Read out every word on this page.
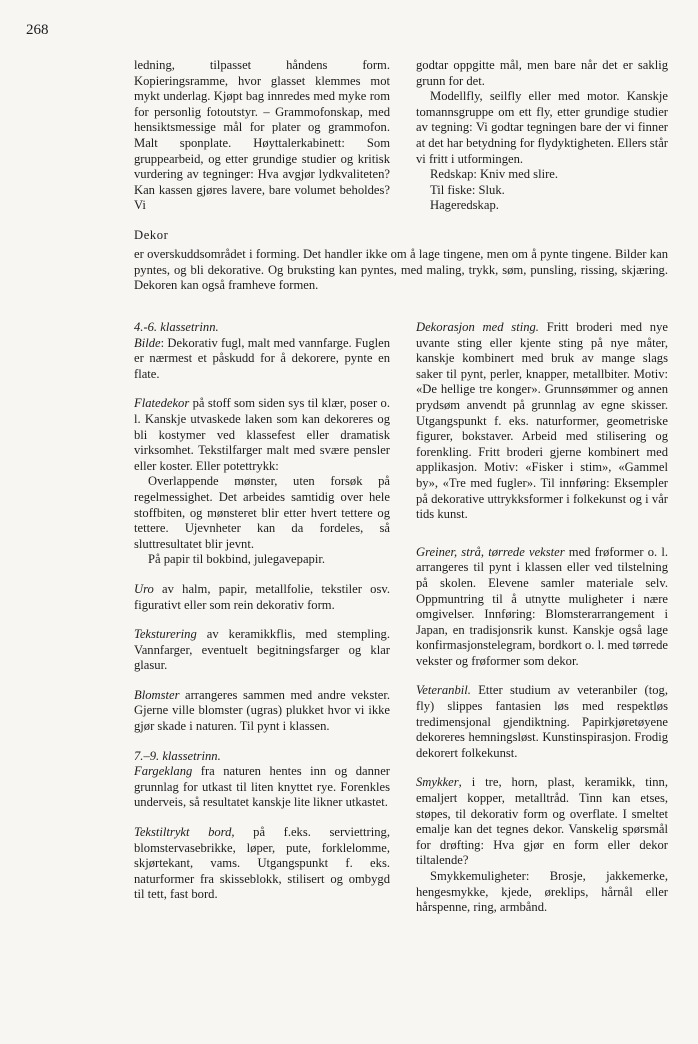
268

ledning, tilpasset håndens form. Kopieringsramme, hvor glasset klemmes mot mykt underlag. Kjøpt bag innredes med myke rom for personlig fotoutstyr. – Grammofonskap, med hensiktsmessige mål for plater og grammofon. Malt sponplate. Høyttalerkabinett: Som gruppearbeid, og etter grundige studier og kritisk vurdering av tegninger: Hva avgjør lydkvaliteten? Kan kassen gjøres lavere, bare volumet beholdes? Vi

godtar oppgitte mål, men bare når det er saklig grunn for det.

Modellfly, seilfly eller med motor. Kanskje tomannsgruppe om ett fly, etter grundige studier av tegning: Vi godtar tegningen bare der vi finner at det har betydning for flydyktigheten. Ellers står vi fritt i utformingen.

Redskap: Kniv med slire.

Til fiske: Sluk.

Hageredskap.

Dekor

er overskuddsområdet i forming. Det handler ikke om å lage tingene, men om å pynte tingene. Bilder kan pyntes, og bli dekorative. Og bruksting kan pyntes, med maling, trykk, søm, punsling, rissing, skjæring. Dekoren kan også framheve formen.

4.-6. klassetrinn.

Bilde: Dekorativ fugl, malt med vannfarge. Fuglen er nærmest et påskudd for å dekorere, pynte en flate.

Flatedekor på stoff som siden sys til klær, poser o. l. Kanskje utvaskede laken som kan dekoreres og bli kostymer ved klassefest eller dramatisk virksomhet. Tekstilfarger malt med svære pensler eller koster. Eller potettrykk:

Overlappende mønster, uten forsøk på regelmessighet. Det arbeides samtidig over hele stoffbiten, og mønsteret blir etter hvert tettere og tettere. Ujevnheter kan da fordeles, så sluttresultatet blir jevnt.

På papir til bokbind, julegavepapir.

Uro av halm, papir, metallfolie, tekstiler osv. figurativt eller som rein dekorativ form.

Teksturering av keramikkflis, med stempling. Vannfarger, eventuelt begitningsfarger og klar glasur.

Blomster arrangeres sammen med andre vekster. Gjerne ville blomster (ugras) plukket hvor vi ikke gjør skade i naturen. Til pynt i klassen.

7.–9. klassetrinn.

Fargeklang fra naturen hentes inn og danner grunnlag for utkast til liten knyttet rye. Forenkles underveis, så resultatet kanskje lite likner utkastet.

Tekstiltrykt bord, på f.eks. serviettring, blomstervasebrikke, løper, pute, forklelomme, skjørtekant, vams. Utgangspunkt f. eks. naturformer fra skisseblokk, stilisert og ombygd til tett, fast bord.

Dekorasjon med sting. Fritt broderi med nye uvante sting eller kjente sting på nye måter, kanskje kombinert med bruk av mange slags saker til pynt, perler, knapper, metallbiter. Motiv: «De hellige tre konger». Grunnsømmer og annen prydsøm anvendt på grunnlag av egne skisser. Utgangspunkt f. eks. naturformer, geometriske figurer, bokstaver. Arbeid med stilisering og forenkling. Fritt broderi gjerne kombinert med applikasjon. Motiv: «Fisker i stim», «Gammel by», «Tre med fugler». Til innføring: Eksempler på dekorative uttrykksformer i folkekunst og i vår tids kunst.

Greiner, strå, tørrede vekster med frøformer o. l. arrangeres til pynt i klassen eller ved tilstelning på skolen. Elevene samler materiale selv. Oppmuntring til å utnytte muligheter i nære omgivelser. Innføring: Blomsterarrangement i Japan, en tradisjonsrik kunst. Kanskje også lage konfirmasjonstelegram, bordkort o. l. med tørrede vekster og frøformer som dekor.

Veteranbil. Etter studium av veteranbiler (tog, fly) slippes fantasien løs med respektløs tredimensjonal gjendiktning. Papirkjøretøyene dekoreres hemningsløst. Kunstinspirasjon. Frodig dekorert folkekunst.

Smykker, i tre, horn, plast, keramikk, tinn, emaljert kopper, metalltråd. Tinn kan etses, støpes, til dekorativ form og overflate. I smeltet emalje kan det tegnes dekor. Vanskelig spørsmål for drøfting: Hva gjør en form eller dekor tiltalende?

Smykkemuligheter: Brosje, jakkemerke, hengesmykke, kjede, øreklips, hårnål eller hårspenne, ring, armbånd.
